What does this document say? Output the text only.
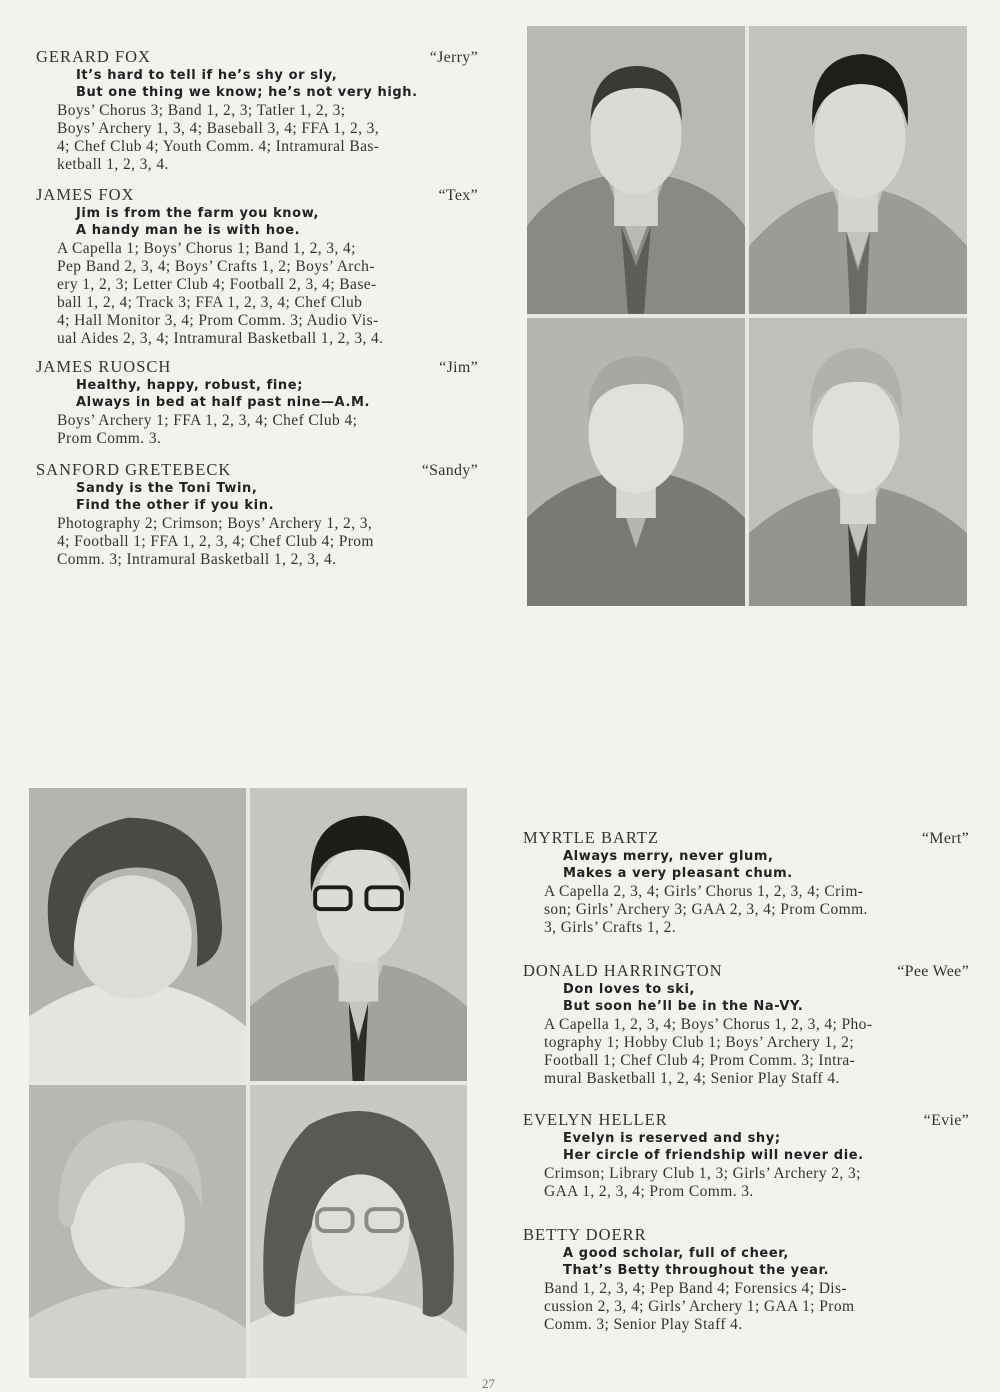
GERARD FOX	“Jerry”
It’s hard to tell if he’s shy or sly,
But one thing we know; he’s not very high.
Boys’ Chorus 3; Band 1, 2, 3; Tatler 1, 2, 3;
Boys’ Archery 1, 3, 4; Baseball 3, 4; FFA 1, 2, 3,
4; Chef Club 4; Youth Comm. 4; Intramural Bas-
ketball 1, 2, 3, 4.
JAMES FOX	“Tex”
Jim is from the farm you know,
A handy man he is with hoe.
A Capella 1; Boys’ Chorus 1; Band 1, 2, 3, 4;
Pep Band 2, 3, 4; Boys’ Crafts 1, 2; Boys’ Arch-
ery 1, 2, 3; Letter Club 4; Football 2, 3, 4; Base-
ball 1, 2, 4; Track 3; FFA 1, 2, 3, 4; Chef Club
4; Hall Monitor 3, 4; Prom Comm. 3; Audio Vis-
ual Aides 2, 3, 4; Intramural Basketball 1, 2, 3, 4.
JAMES RUOSCH	“Jim”
Healthy, happy, robust, fine;
Always in bed at half past nine—A.M.
Boys’ Archery 1; FFA 1, 2, 3, 4; Chef Club 4;
Prom Comm. 3.
SANFORD GRETEBECK	“Sandy”
Sandy is the Toni Twin,
Find the other if you kin.
Photography 2; Crimson; Boys’ Archery 1, 2, 3,
4; Football 1; FFA 1, 2, 3, 4; Chef Club 4; Prom
Comm. 3; Intramural Basketball 1, 2, 3, 4.
MYRTLE BARTZ	“Mert”
Always merry, never glum,
Makes a very pleasant chum.
A Capella 2, 3, 4; Girls’ Chorus 1, 2, 3, 4; Crim-
son; Girls’ Archery 3; GAA 2, 3, 4; Prom Comm.
3, Girls’ Crafts 1, 2.
DONALD HARRINGTON	“Pee Wee”
Don loves to ski,
But soon he’ll be in the Na-VY.
A Capella 1, 2, 3, 4; Boys’ Chorus 1, 2, 3, 4; Pho-
tography 1; Hobby Club 1; Boys’ Archery 1, 2;
Football 1; Chef Club 4; Prom Comm. 3; Intra-
mural Basketball 1, 2, 4; Senior Play Staff 4.
EVELYN HELLER	“Evie”
Evelyn is reserved and shy;
Her circle of friendship will never die.
Crimson; Library Club 1, 3; Girls’ Archery 2, 3;
GAA 1, 2, 3, 4; Prom Comm. 3.
BETTY DOERR
A good scholar, full of cheer,
That’s Betty throughout the year.
Band 1, 2, 3, 4; Pep Band 4; Forensics 4; Dis-
cussion 2, 3, 4; Girls’ Archery 1; GAA 1; Prom
Comm. 3; Senior Play Staff 4.
27
